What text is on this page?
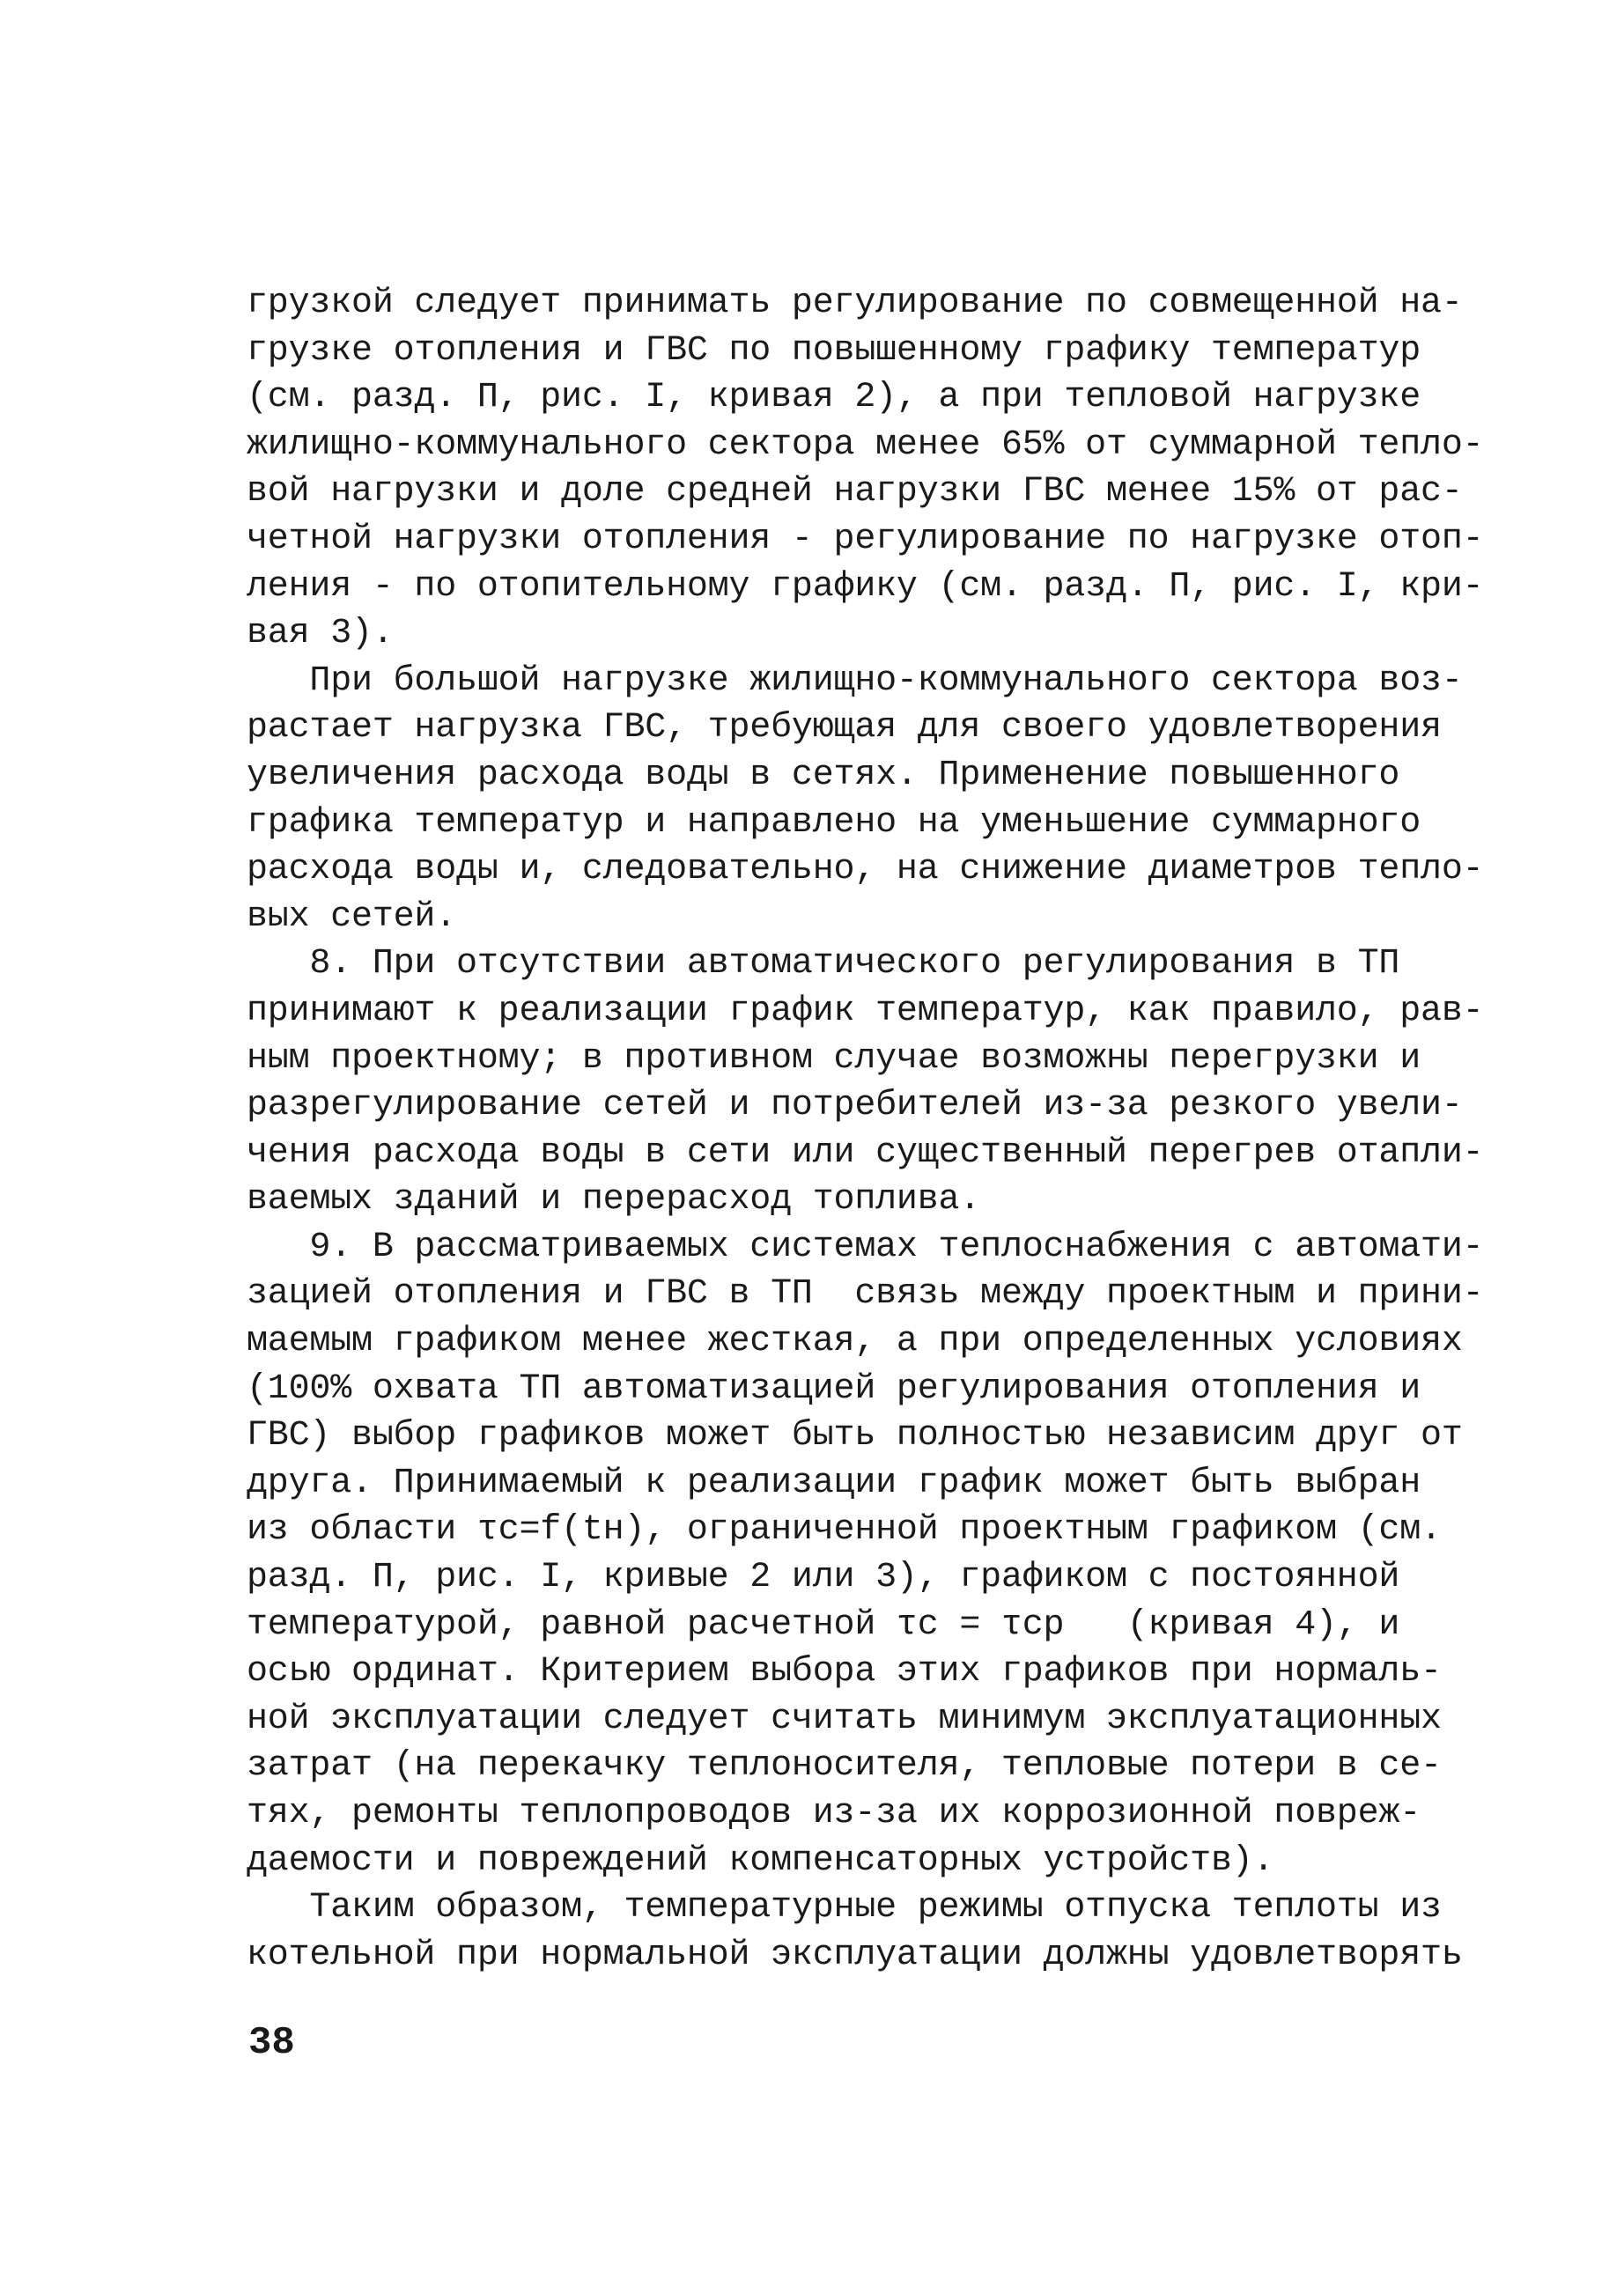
грузкой следует принимать регулирование по совмещенной на-
грузке отопления и ГВС по повышенному графику температур
(см. разд. П, рис. I, кривая 2), а при тепловой нагрузке
жилищно-коммунального сектора менее 65% от суммарной тепло-
вой нагрузки и доле средней нагрузки ГВС менее 15% от рас-
четной нагрузки отопления - регулирование по нагрузке отоп-
ления - по отопительному графику (см. разд. П, рис. I, кри-
вая 3).
При большой нагрузке жилищно-коммунального сектора воз-
растает нагрузка ГВС, требующая для своего удовлетворения
увеличения расхода воды в сетях. Применение повышенного
графика температур и направлено на уменьшение суммарного
расхода воды и, следовательно, на снижение диаметров тепло-
вых сетей.
8. При отсутствии автоматического регулирования в ТП
принимают к реализации график температур, как правило, рав-
ным проектному; в противном случае возможны перегрузки и
разрегулирование сетей и потребителей из-за резкого увели-
чения расхода воды в сети или существенный перегрев отапли-
ваемых зданий и перерасход топлива.
9. В рассматриваемых системах теплоснабжения с автомати-
зацией отопления и ГВС в ТП  связь между проектным и прини-
маемым графиком менее жесткая, а при определенных условиях
(100% охвата ТП автоматизацией регулирования отопления и
ГВС) выбор графиков может быть полностью независим друг от
друга. Принимаемый к реализации график может быть выбран
из области τc=f(tн), ограниченной проектным графиком (см.
разд. П, рис. I, кривые 2 или 3), графиком с постоянной
температурой, равной расчетной τc = τcр   (кривая 4), и
осью ординат. Критерием выбора этих графиков при нормаль-
ной эксплуатации следует считать минимум эксплуатационных
затрат (на перекачку теплоносителя, тепловые потери в се-
тях, ремонты теплопроводов из-за их коррозионной повреж-
даемости и повреждений компенсаторных устройств).
Таким образом, температурные режимы отпуска теплоты из
котельной при нормальной эксплуатации должны удовлетворять
38
